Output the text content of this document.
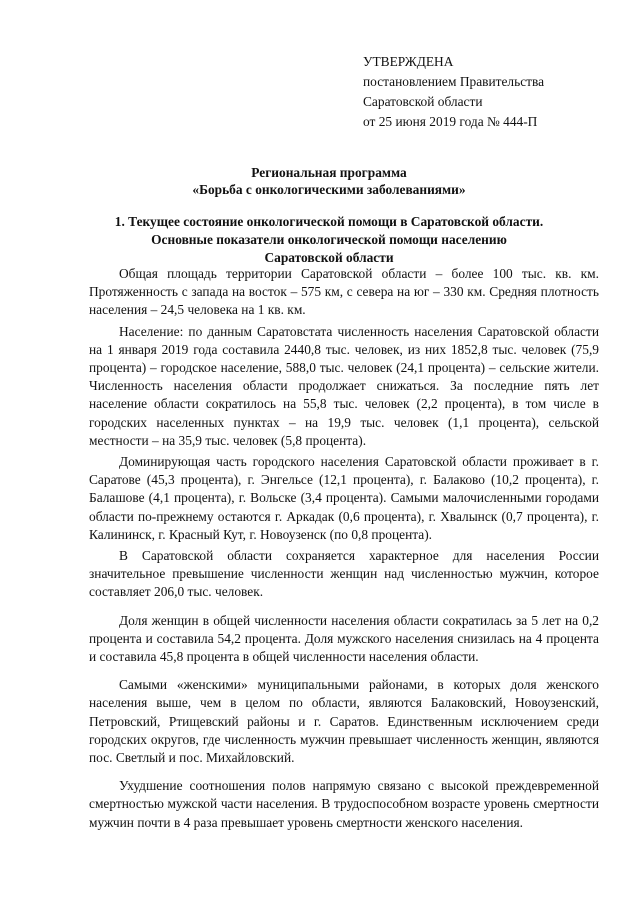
УТВЕРЖДЕНА
постановлением Правительства
Саратовской области
от 25 июня 2019 года № 444-П
Региональная программа
«Борьба с онкологическими заболеваниями»
1. Текущее состояние онкологической помощи в Саратовской области.
Основные показатели онкологической помощи населению
Саратовской области

Общая площадь территории Саратовской области – более 100 тыс. кв. км. Протяженность с запада на восток – 575 км, с севера на юг – 330 км. Средняя плотность населения – 24,5 человека на 1 кв. км.

Население: по данным Саратовстата численность населения Саратовской области на 1 января 2019 года составила 2440,8 тыс. человек, из них 1852,8 тыс. человек (75,9 процента) – городское население, 588,0 тыс. человек (24,1 процента) – сельские жители. Численность населения области продолжает снижаться. За последние пять лет население области сократилось на 55,8 тыс. человек (2,2 процента), в том числе в городских населенных пунктах – на 19,9 тыс. человек (1,1 процента), сельской местности – на 35,9 тыс. человек (5,8 процента).

Доминирующая часть городского населения Саратовской области проживает в г. Саратове (45,3 процента), г. Энгельсе (12,1 процента), г. Балаково (10,2 процента), г. Балашове (4,1 процента), г. Вольске (3,4 процента). Самыми малочисленными городами области по-прежнему остаются г. Аркадак (0,6 процента), г. Хвалынск (0,7 процента), г. Калининск, г. Красный Кут, г. Новоузенск (по 0,8 процента).

В Саратовской области сохраняется характерное для населения России значительное превышение численности женщин над численностью мужчин, которое составляет 206,0 тыс. человек.

Доля женщин в общей численности населения области сократилась за 5 лет на 0,2 процента и составила 54,2 процента. Доля мужского населения снизилась на 4 процента и составила 45,8 процента в общей численности населения области.

Самыми «женскими» муниципальными районами, в которых доля женского населения выше, чем в целом по области, являются Балаковский, Новоузенский, Петровский, Ртищевский районы и г. Саратов. Единственным исключением среди городских округов, где численность мужчин превышает численность женщин, являются пос. Светлый и пос. Михайловский.

Ухудшение соотношения полов напрямую связано с высокой преждевременной смертностью мужской части населения. В трудоспособном возрасте уровень смертности мужчин почти в 4 раза превышает уровень смертности женского населения.
